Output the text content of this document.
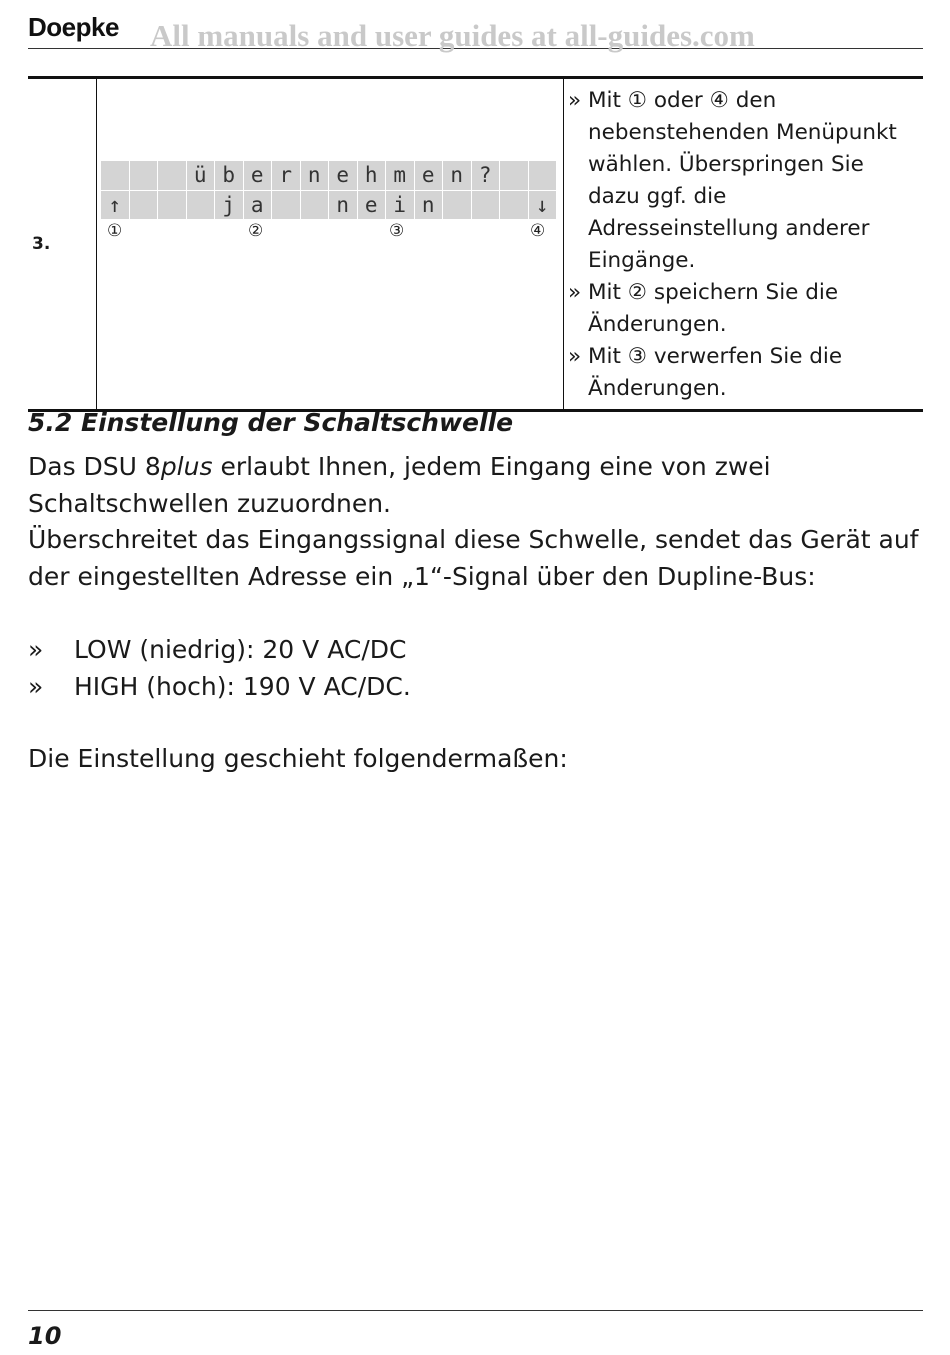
Doepke All manuals and user guides at all-guides.com
3.	
ü b e r n e h m e n ?
↑	j a	n e i n	↓
①	②	③	④

» Mit ① oder ④ den nebenstehenden Menüpunkt wählen. Überspringen Sie dazu ggf. die Adresseinstellung anderer Eingänge.
» Mit ② speichern Sie die Änderungen.
» Mit ③ verwerfen Sie die Änderungen.
5.2 Einstellung der Schaltschwelle
Das DSU 8plus erlaubt Ihnen, jedem Eingang eine von zwei Schaltschwellen zuzuordnen.
Überschreitet das Eingangssignal diese Schwelle, sendet das Gerät auf der eingestellten Adresse ein „1“-Signal über den Dupline-Bus:
» LOW (niedrig): 20 V AC/DC
» HIGH (hoch): 190 V AC/DC.
Die Einstellung geschieht folgendermaßen:
10
